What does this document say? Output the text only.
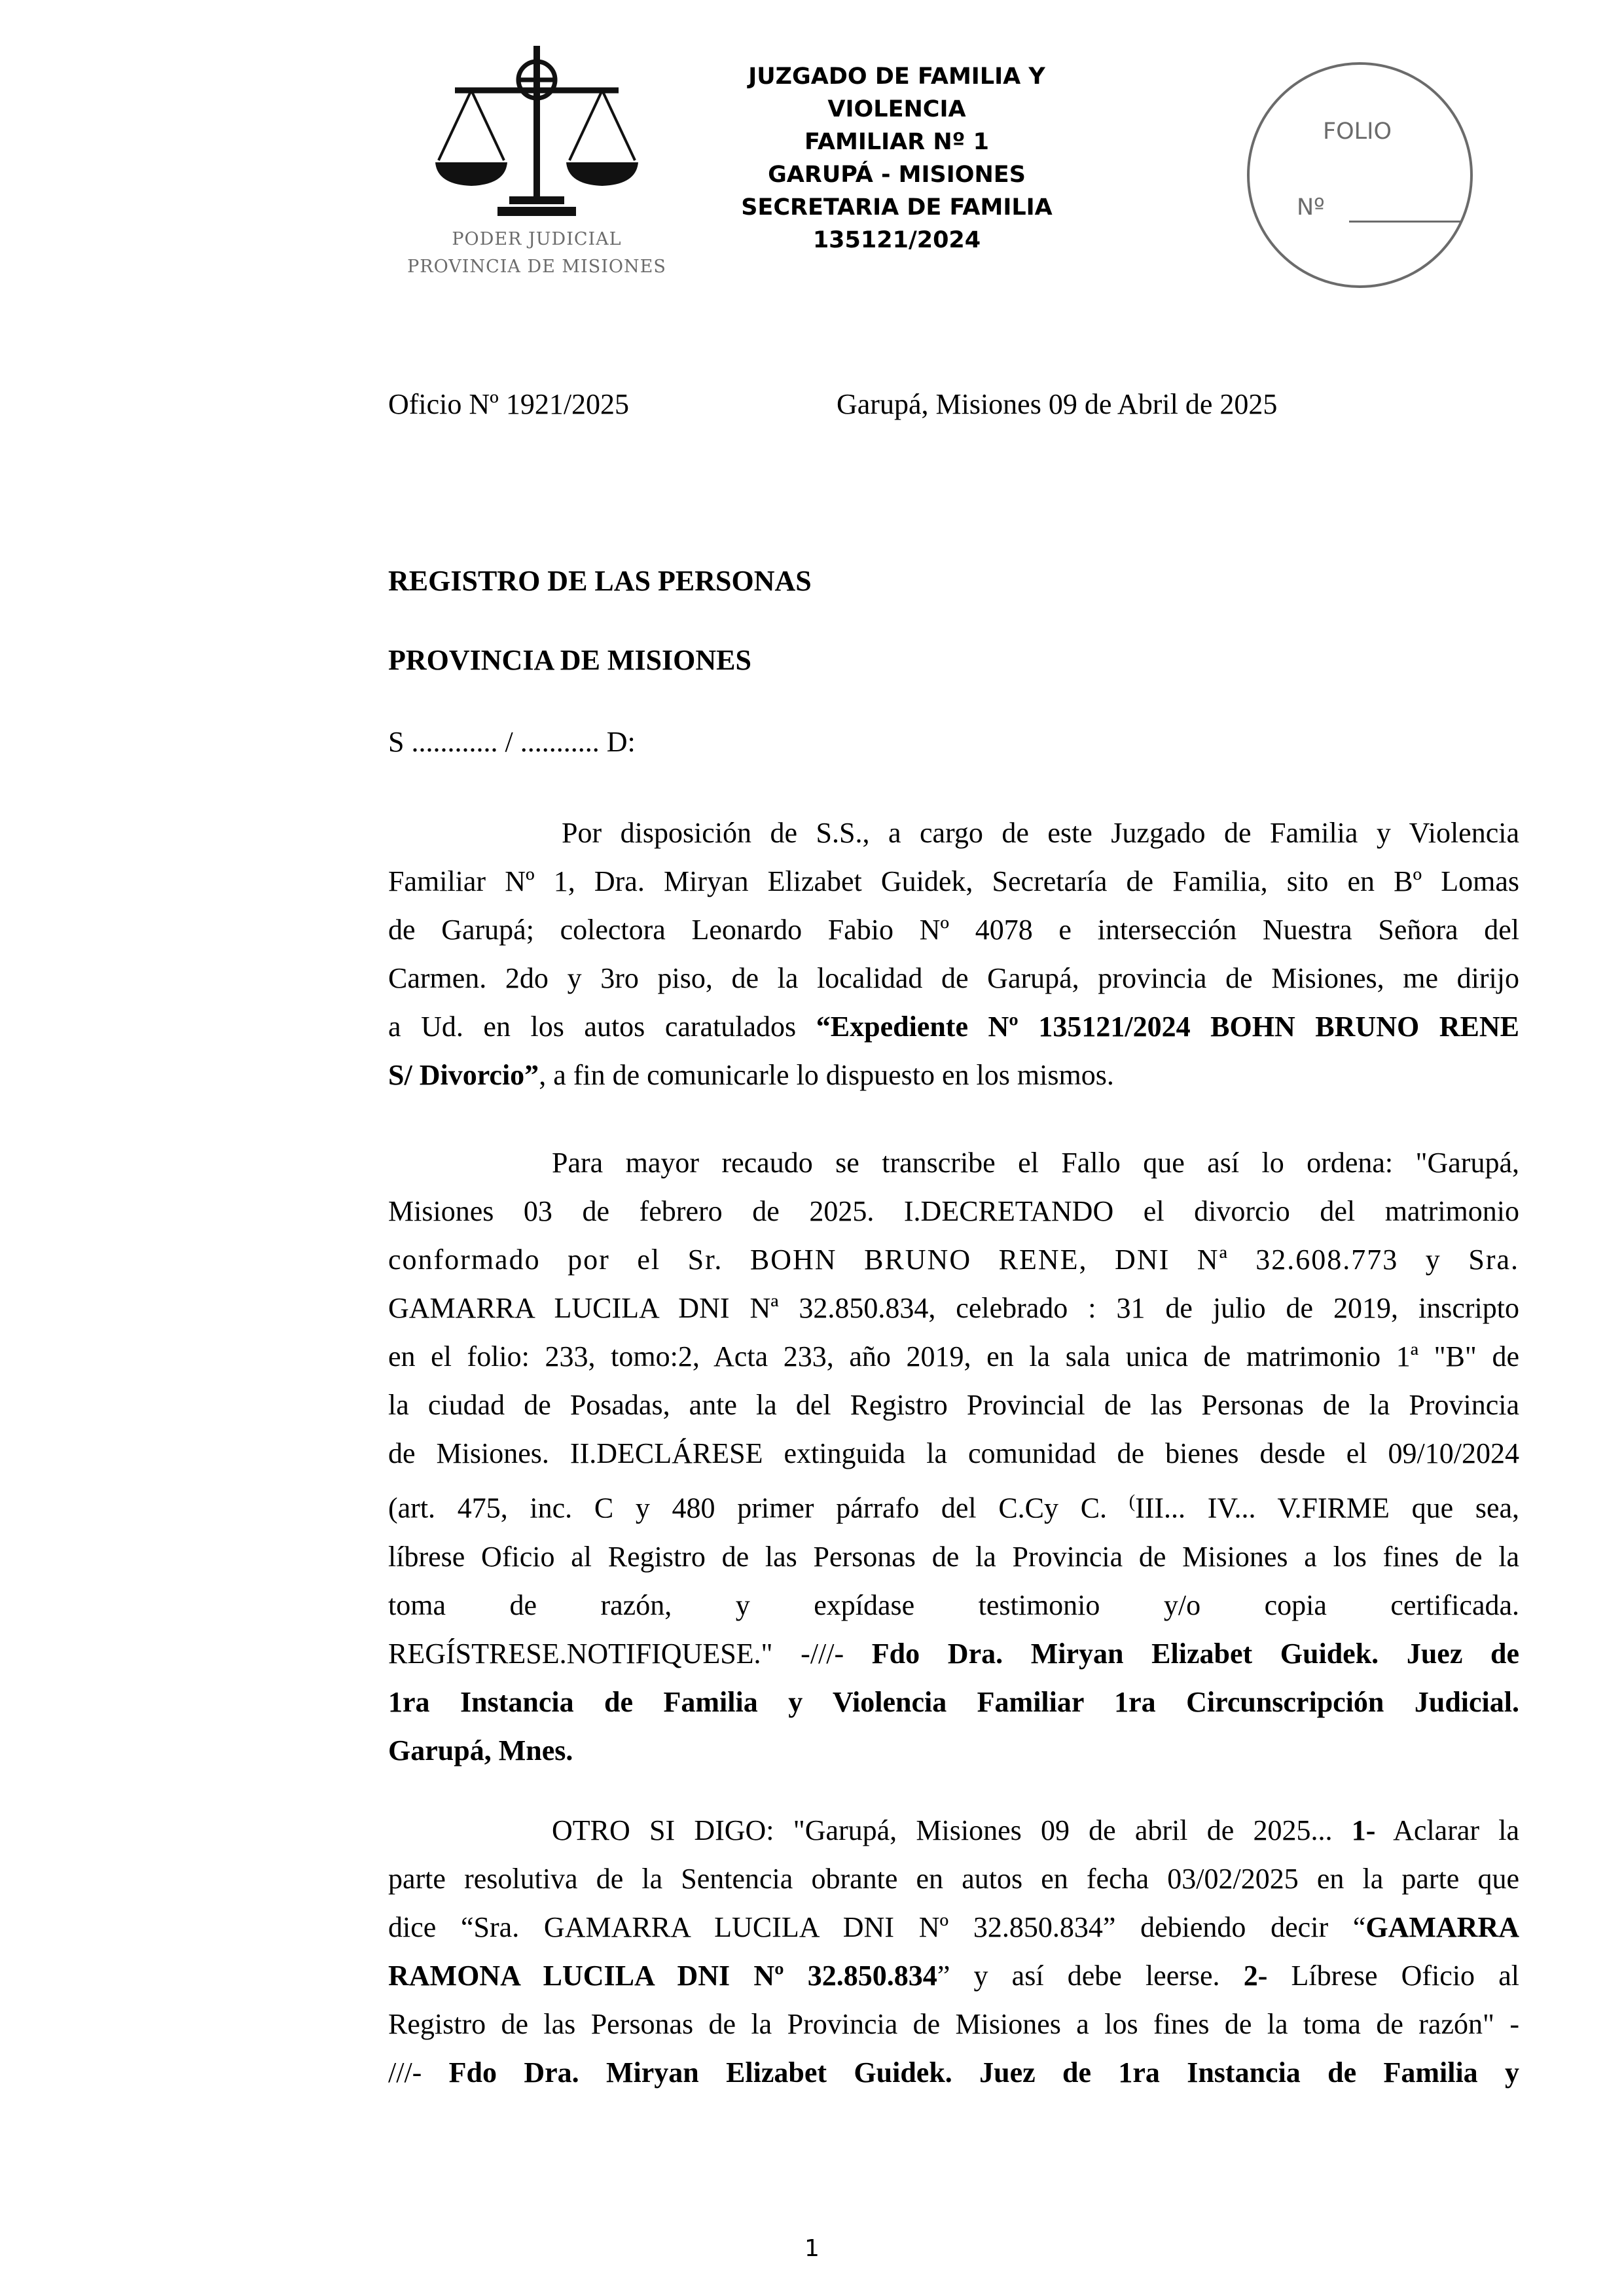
PODER JUDICIAL
PROVINCIA DE MISIONES
JUZGADO DE FAMILIA Y VIOLENCIA
FAMILIAR Nº 1
GARUPÁ - MISIONES
SECRETARIA DE FAMILIA
135121/2024
FOLIO
Nº
Oficio Nº 1921/2025	Garupá, Misiones 09 de Abril de 2025
REGISTRO DE LAS PERSONAS
PROVINCIA DE MISIONES
S ............ / ........... D:
Por disposición de S.S., a cargo de este Juzgado de Familia y Violencia
Familiar Nº 1, Dra. Miryan Elizabet Guidek, Secretaría de Familia, sito en Bº Lomas
de Garupá; colectora Leonardo Fabio Nº 4078 e intersección Nuestra Señora del
Carmen. 2do y 3ro piso, de la localidad de Garupá, provincia de Misiones, me dirijo
a Ud. en los autos caratulados “Expediente Nº 135121/2024 BOHN BRUNO RENE
S/ Divorcio”, a fin de comunicarle lo dispuesto en los mismos.
Para mayor recaudo se transcribe el Fallo que así lo ordena: "Garupá,
Misiones 03 de febrero de 2025. I.DECRETANDO el divorcio del matrimonio
conformado por el Sr. BOHN BRUNO RENE, DNI Nª 32.608.773 y Sra.
GAMARRA LUCILA DNI Nª 32.850.834, celebrado : 31 de julio de 2019, inscripto
en el folio: 233, tomo:2, Acta 233, año 2019, en la sala unica de matrimonio 1ª "B" de
la ciudad de Posadas, ante la del Registro Provincial de las Personas de la Provincia
de Misiones. II.DECLÁRESE extinguida la comunidad de bienes desde el 09/10/2024
(art. 475, inc. C y 480 primer párrafo del C.Cy C. (III... IV... V.FIRME que sea,
líbrese Oficio al Registro de las Personas de la Provincia de Misiones a los fines de la
toma de razón, y expídase testimonio y/o copia certificada.
REGÍSTRESE.NOTIFIQUESE." -///- Fdo Dra. Miryan Elizabet Guidek. Juez de
1ra Instancia de Familia y Violencia Familiar 1ra Circunscripción Judicial.
Garupá, Mnes.
OTRO SI DIGO: "Garupá, Misiones 09 de abril de 2025... 1- Aclarar la
parte resolutiva de la Sentencia obrante en autos en fecha 03/02/2025 en la parte que
dice “Sra. GAMARRA LUCILA DNI Nº 32.850.834” debiendo decir “GAMARRA
RAMONA LUCILA DNI Nº 32.850.834” y así debe leerse. 2- Líbrese Oficio al
Registro de las Personas de la Provincia de Misiones a los fines de la toma de razón" -
///- Fdo Dra. Miryan Elizabet Guidek. Juez de 1ra Instancia de Familia y
1
